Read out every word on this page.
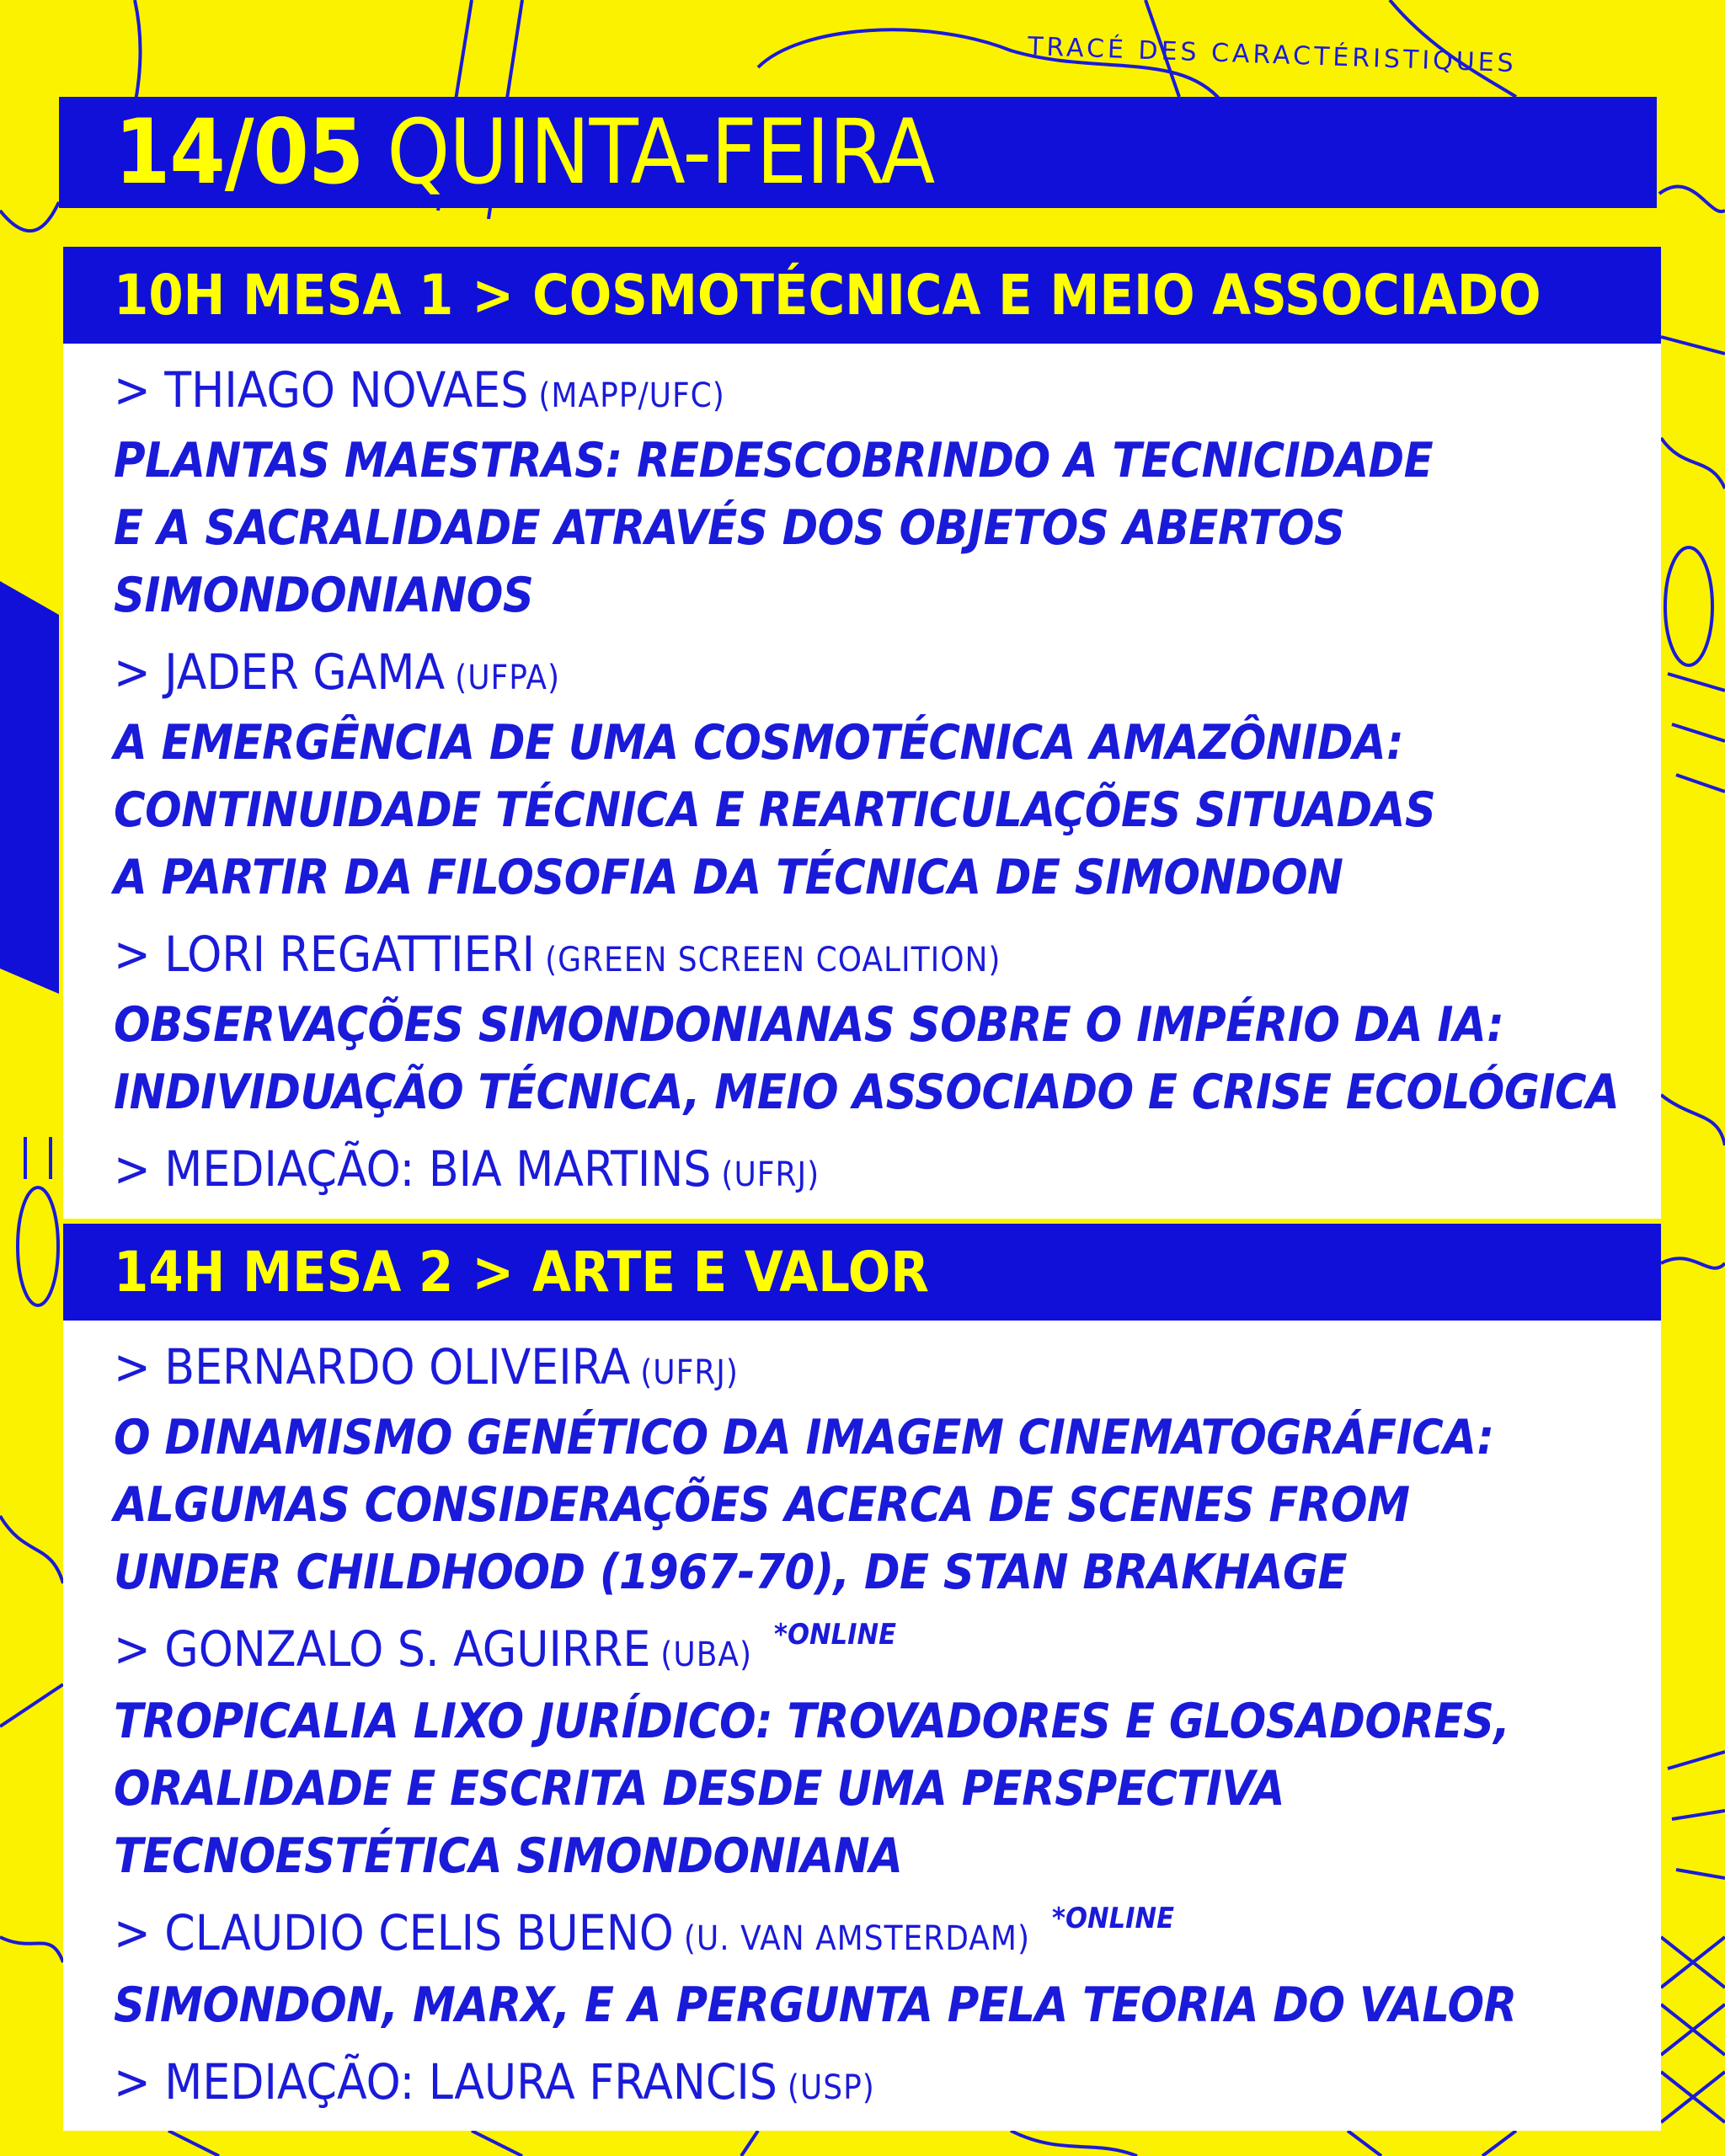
TRACÉ DES CARACTÉRISTIQUES
14/05 QUINTA-FEIRA
10H MESA 1 > COSMOTÉCNICA E MEIO ASSOCIADO
> THIAGO NOVAES (MAPP/UFC)
PLANTAS MAESTRAS: REDESCOBRINDO A TECNICIDADE
E A SACRALIDADE ATRAVÉS DOS OBJETOS ABERTOS
SIMONDONIANOS
> JADER GAMA (UFPA)
A EMERGÊNCIA DE UMA COSMOTÉCNICA AMAZÔNIDA:
CONTINUIDADE TÉCNICA E REARTICULAÇÕES SITUADAS
A PARTIR DA FILOSOFIA DA TÉCNICA DE SIMONDON
> LORI REGATTIERI (GREEN SCREEN COALITION)
OBSERVAÇÕES SIMONDONIANAS SOBRE O IMPÉRIO DA IA:
INDIVIDUAÇÃO TÉCNICA, MEIO ASSOCIADO E CRISE ECOLÓGICA
> MEDIAÇÃO: BIA MARTINS (UFRJ)
14H MESA 2 > ARTE E VALOR
> BERNARDO OLIVEIRA (UFRJ)
O DINAMISMO GENÉTICO DA IMAGEM CINEMATOGRÁFICA:
ALGUMAS CONSIDERAÇÕES ACERCA DE SCENES FROM
UNDER CHILDHOOD (1967-70), DE STAN BRAKHAGE
> GONZALO S. AGUIRRE (UBA)$^{*ONLINE}$
TROPICALIA LIXO JURÍDICO: TROVADORES E GLOSADORES,
ORALIDADE E ESCRITA DESDE UMA PERSPECTIVA
TECNOESTÉTICA SIMONDONIANA
> CLAUDIO CELIS BUENO (U. VAN AMSTERDAM)$^{*ONLINE}$
SIMONDON, MARX, E A PERGUNTA PELA TEORIA DO VALOR
> MEDIAÇÃO: LAURA FRANCIS (USP)
